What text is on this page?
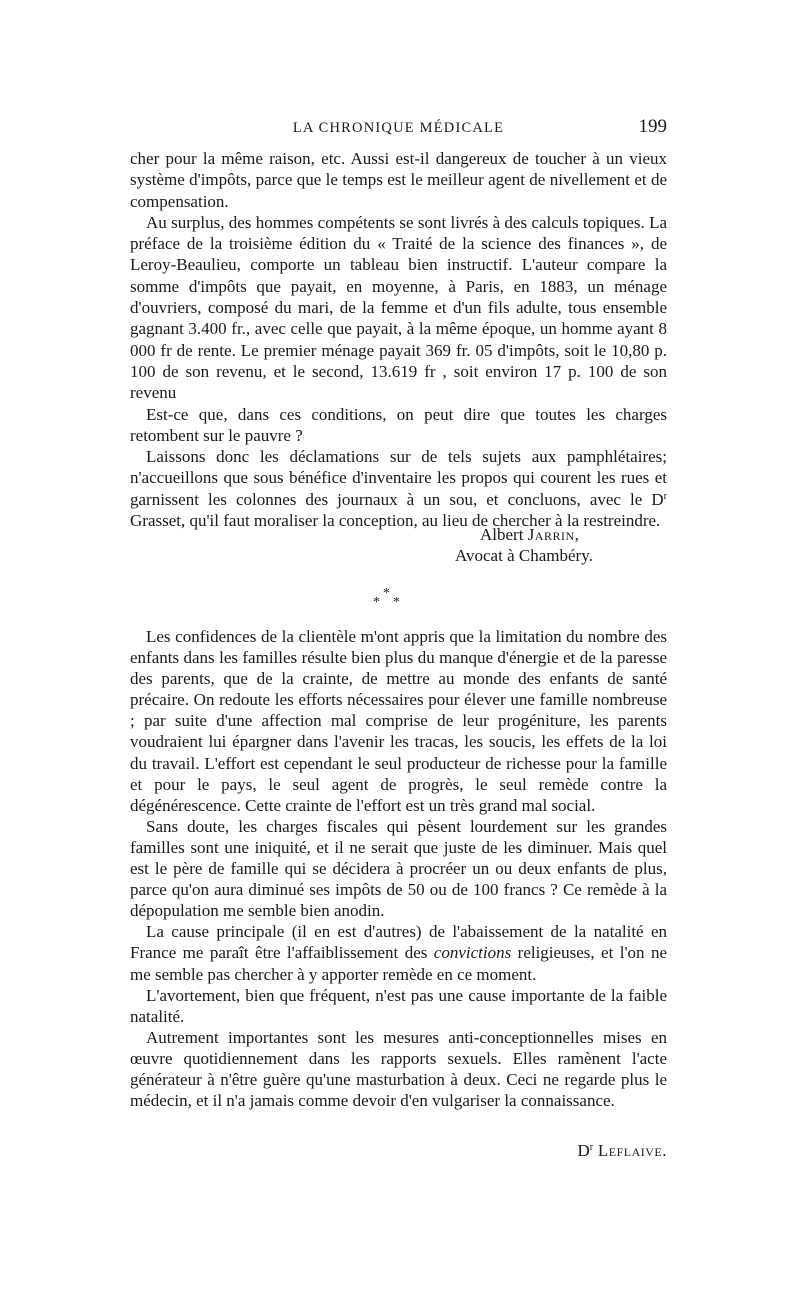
LA CHRONIQUE MÉDICALE	199

cher pour la même raison, etc. Aussi est-il dangereux de toucher à un vieux système d'impôts, parce que le temps est le meilleur agent de nivellement et de compensation.

Au surplus, des hommes compétents se sont livrés à des calculs topiques. La préface de la troisième édition du « Traité de la science des finances », de Leroy-Beaulieu, comporte un tableau bien instructif. L'auteur compare la somme d'impôts que payait, en moyenne, à Paris, en 1883, un ménage d'ouvriers, composé du mari, de la femme et d'un fils adulte, tous ensemble gagnant 3.400 fr., avec celle que payait, à la même époque, un homme ayant 8 000 fr de rente. Le premier ménage payait 369 fr. 05 d'impôts, soit le 10,80 p. 100 de son revenu, et le second, 13.619 fr , soit environ 17 p. 100 de son revenu

Est-ce que, dans ces conditions, on peut dire que toutes les charges retombent sur le pauvre ?

Laissons donc les déclamations sur de tels sujets aux pamphlétaires; n'accueillons que sous bénéfice d'inventaire les propos qui courent les rues et garnissent les colonnes des journaux à un sou, et concluons, avec le $D^r$ Grasset, qu'il faut moraliser la conception, au lieu de chercher à la restreindre.

Albert Jarrin,
Avocat à Chambéry.
*
* *

Les confidences de la clientèle m'ont appris que la limitation du nombre des enfants dans les familles résulte bien plus du manque d'énergie et de la paresse des parents, que de la crainte, de mettre au monde des enfants de santé précaire. On redoute les efforts nécessaires pour élever une famille nombreuse ; par suite d'une affection mal comprise de leur progéniture, les parents voudraient lui épargner dans l'avenir les tracas, les soucis, les effets de la loi du travail. L'effort est cependant le seul producteur de richesse pour la famille et pour le pays, le seul agent de progrès, le seul remède contre la dégénérescence. Cette crainte de l'effort est un très grand mal social.

Sans doute, les charges fiscales qui pèsent lourdement sur les grandes familles sont une iniquité, et il ne serait que juste de les diminuer. Mais quel est le père de famille qui se décidera à procréer un ou deux enfants de plus, parce qu'on aura diminué ses impôts de 50 ou de 100 francs ? Ce remède à la dépopulation me semble bien anodin.

La cause principale (il en est d'autres) de l'abaissement de la natalité en France me paraît être l'affaiblissement des convictions religieuses, et l'on ne me semble pas chercher à y apporter remède en ce moment.

L'avortement, bien que fréquent, n'est pas une cause importante de la faible natalité.

Autrement importantes sont les mesures anti-conceptionnelles mises en œuvre quotidiennement dans les rapports sexuels. Elles ramènent l'acte générateur à n'être guère qu'une masturbation à deux. Ceci ne regarde plus le médecin, et il n'a jamais comme devoir d'en vulgariser la connaissance.

$D^r$ Leflaive.
